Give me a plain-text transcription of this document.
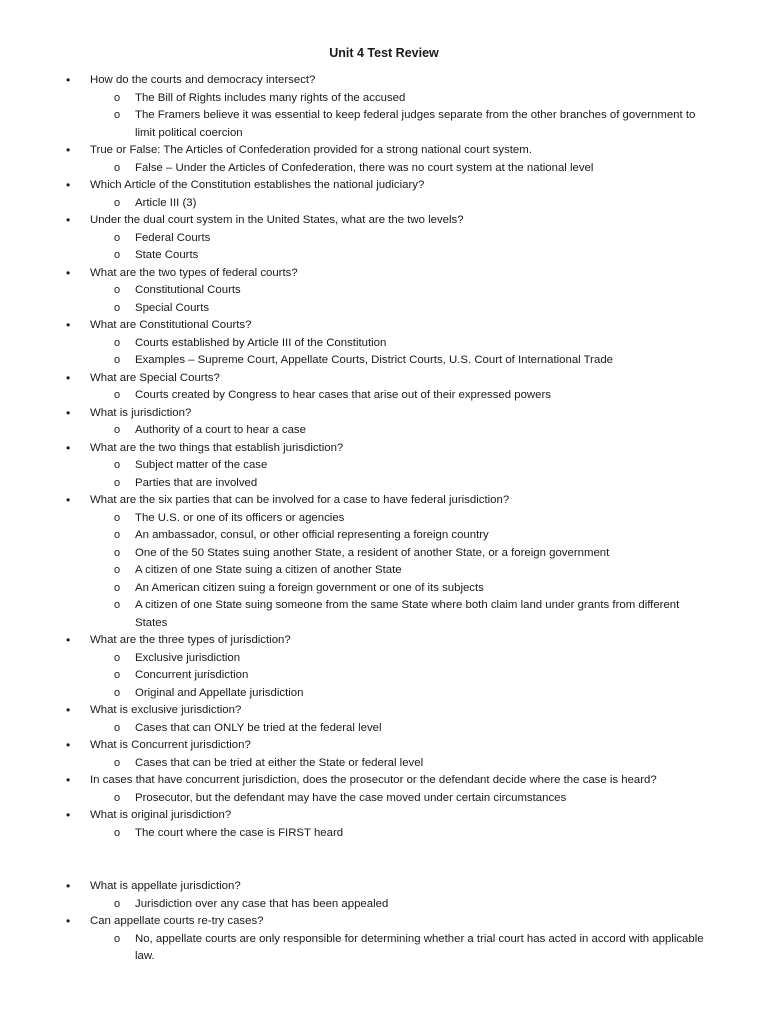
Unit 4 Test Review
• How do the courts and democracy intersect?
o The Bill of Rights includes many rights of the accused
o The Framers believe it was essential to keep federal judges separate from the other branches of government to limit political coercion
• True or False: The Articles of Confederation provided for a strong national court system.
o False – Under the Articles of Confederation, there was no court system at the national level
• Which Article of the Constitution establishes the national judiciary?
o Article III (3)
• Under the dual court system in the United States, what are the two levels?
o Federal Courts
o State Courts
• What are the two types of federal courts?
o Constitutional Courts
o Special Courts
• What are Constitutional Courts?
o Courts established by Article III of the Constitution
o Examples – Supreme Court, Appellate Courts, District Courts, U.S. Court of International Trade
• What are Special Courts?
o Courts created by Congress to hear cases that arise out of their expressed powers
• What is jurisdiction?
o Authority of a court to hear a case
• What are the two things that establish jurisdiction?
o Subject matter of the case
o Parties that are involved
• What are the six parties that can be involved for a case to have federal jurisdiction?
o The U.S. or one of its officers or agencies
o An ambassador, consul, or other official representing a foreign country
o One of the 50 States suing another State, a resident of another State, or a foreign government
o A citizen of one State suing a citizen of another State
o An American citizen suing a foreign government or one of its subjects
o A citizen of one State suing someone from the same State where both claim land under grants from different States
• What are the three types of jurisdiction?
o Exclusive jurisdiction
o Concurrent jurisdiction
o Original and Appellate jurisdiction
• What is exclusive jurisdiction?
o Cases that can ONLY be tried at the federal level
• What is Concurrent jurisdiction?
o Cases that can be tried at either the State or federal level
• In cases that have concurrent jurisdiction, does the prosecutor or the defendant decide where the case is heard?
o Prosecutor, but the defendant may have the case moved under certain circumstances
• What is original jurisdiction?
o The court where the case is FIRST heard
• What is appellate jurisdiction?
o Jurisdiction over any case that has been appealed
• Can appellate courts re-try cases?
o No, appellate courts are only responsible for determining whether a trial court has acted in accord with applicable law.
